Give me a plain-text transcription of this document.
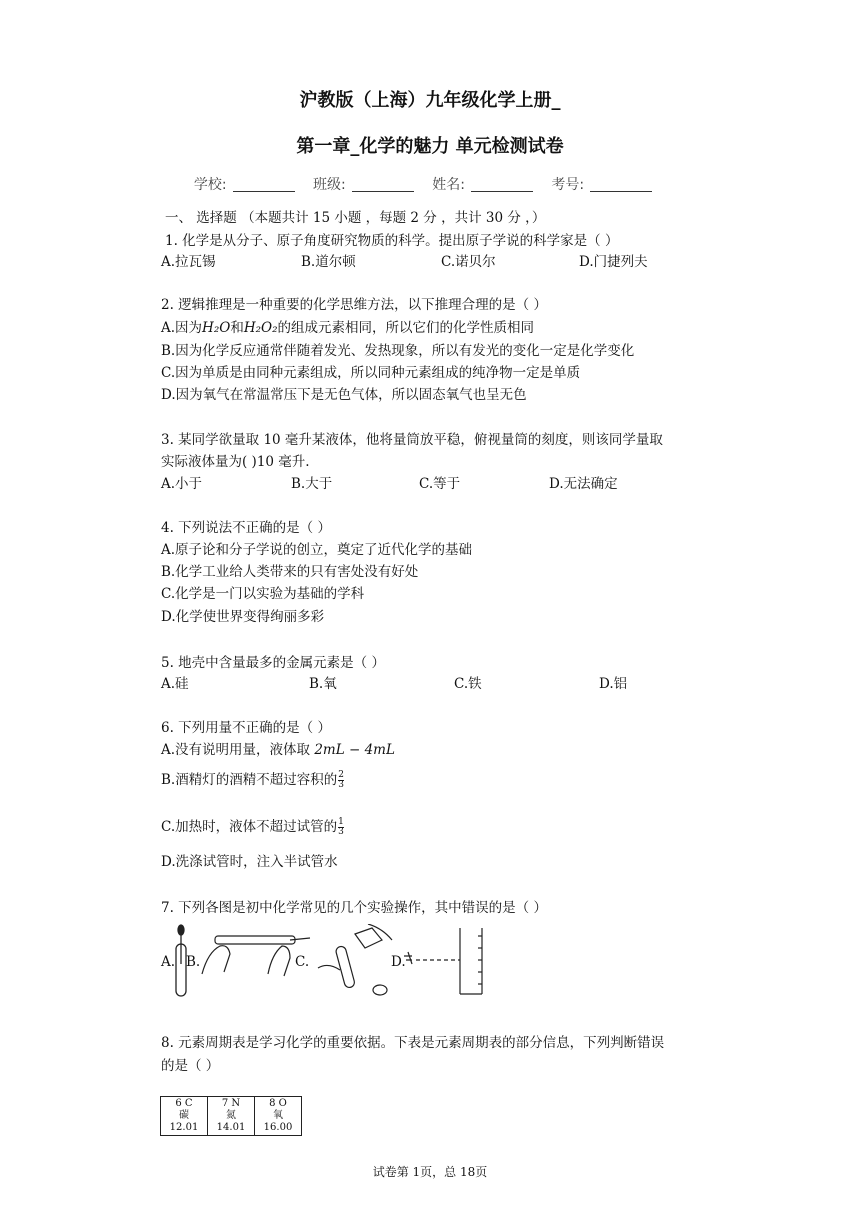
沪教版（上海）九年级化学上册_
第一章_化学的魅力 单元检测试卷
学校:	班级:	姓名:	考号:
一、 选择题 （本题共计 15 小题 ，每题 2 分 ，共计 30 分 ，）
1. 化学是从分子、原子角度研究物质的科学。提出原子学说的科学家是（ ）
A.拉瓦锡	B.道尔顿	C.诺贝尔	D.门捷列夫
2. 逻辑推理是一种重要的化学思维方法，以下推理合理的是（ ）
A.因为H₂O和H₂O₂的组成元素相同，所以它们的化学性质相同
B.因为化学反应通常伴随着发光、发热现象，所以有发光的变化一定是化学变化
C.因为单质是由同种元素组成，所以同种元素组成的纯净物一定是单质
D.因为氧气在常温常压下是无色气体，所以固态氧气也呈无色
3. 某同学欲量取 10 毫升某液体，他将量筒放平稳，俯视量筒的刻度，则该同学量取
实际液体量为( )10 毫升.
A.小于	B.大于	C.等于	D.无法确定
4. 下列说法不正确的是（ ）
A.原子论和分子学说的创立，奠定了近代化学的基础
B.化学工业给人类带来的只有害处没有好处
C.化学是一门以实验为基础的学科
D.化学使世界变得绚丽多彩
5. 地壳中含量最多的金属元素是（ ）
A.硅	B.氧	C.铁	D.铝
6. 下列用量不正确的是（ ）
A.没有说明用量，液体取 2mL − 4mL
B.酒精灯的酒精不超过容积的 $\frac{2}{3}$
C.加热时，液体不超过试管的 $\frac{1}{3}$
D.洗涤试管时，注入半试管水
7. 下列各图是初中化学常见的几个实验操作，其中错误的是（ ）
A. B.	C.	D.
8. 元素周期表是学习化学的重要依据。下表是元素周期表的部分信息，下列判断错误
的是（ ）
6 C
碳
12.01

7 N
氮
14.01

8 O
氧
16.00
试卷第 1页，总 18页
